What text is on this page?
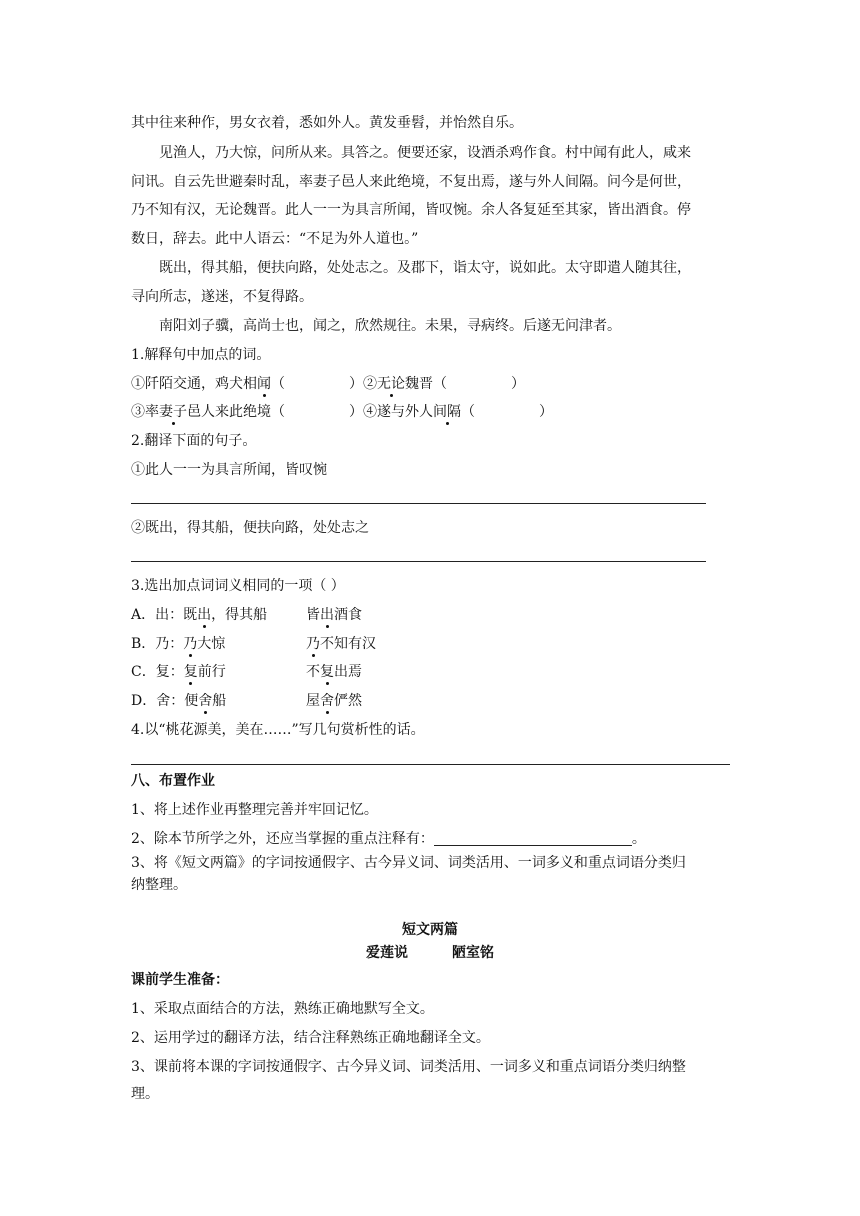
其中往来种作，男女衣着，悉如外人。黄发垂髫，并怡然自乐。
见渔人，乃大惊，问所从来。具答之。便要还家，设酒杀鸡作食。村中闻有此人，咸来
问讯。自云先世避秦时乱，率妻子邑人来此绝境，不复出焉，遂与外人间隔。问今是何世，
乃不知有汉，无论魏晋。此人一一为具言所闻，皆叹惋。余人各复延至其家，皆出酒食。停
数日，辞去。此中人语云：“不足为外人道也。”
既出，得其船，便扶向路，处处志之。及郡下，诣太守，说如此。太守即遣人随其往，
寻向所志，遂迷，不复得路。
南阳刘子骥，高尚士也，闻之，欣然规往。未果，寻病终。后遂无问津者。
1.解释句中加点的词。
①阡陌交通，鸡犬相闻（	）②无论魏晋（	）
③率妻子邑人来此绝境（	）④遂与外人间隔（	）
2.翻译下面的句子。
①此人一一为具言所闻，皆叹惋
②既出，得其船，便扶向路，处处志之
3.选出加点词词义相同的一项（ ）
A．出：既出，得其船	皆出酒食
B．乃：乃大惊	乃不知有汉
C．复：复前行	不复出焉
D．舍：便舍船	屋舍俨然
4.以“桃花源美，美在……”写几句赏析性的话。
八、布置作业
1、将上述作业再整理完善并牢回记忆。
2、除本节所学之外，还应当掌握的重点注释有：	。
3、将《短文两篇》的字词按通假字、古今异义词、词类活用、一词多义和重点词语分类归
纳整理。
短文两篇
爱莲说	陋室铭
课前学生准备：
1、采取点面结合的方法，熟练正确地默写全文。
2、运用学过的翻译方法，结合注释熟练正确地翻译全文。
3、课前将本课的字词按通假字、古今异义词、词类活用、一词多义和重点词语分类归纳整
理。
